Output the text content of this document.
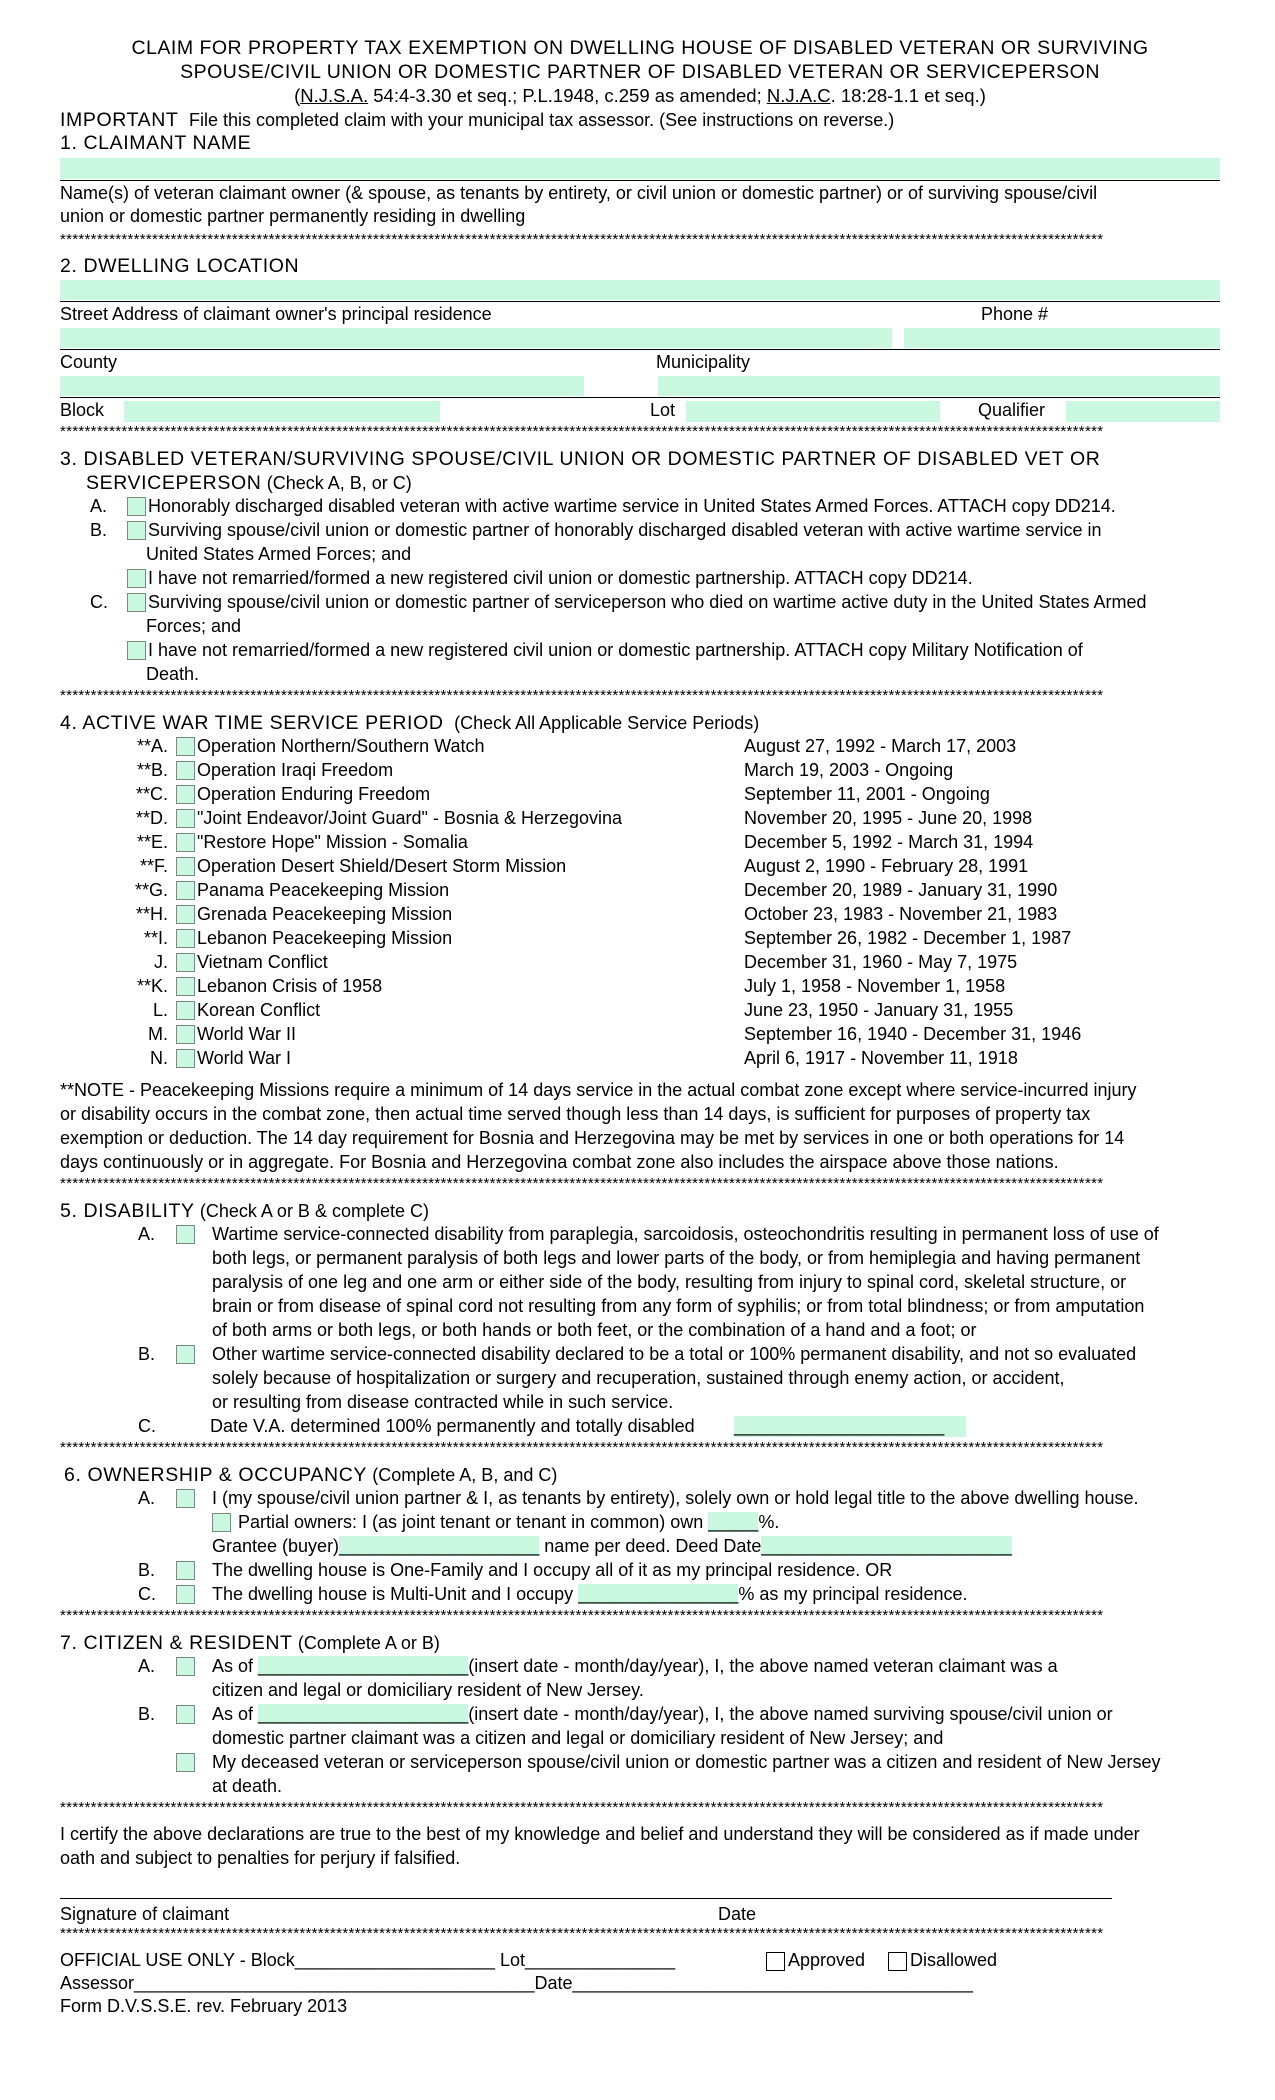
CLAIM FOR PROPERTY TAX EXEMPTION ON DWELLING HOUSE OF DISABLED VETERAN OR SURVIVING
SPOUSE/CIVIL UNION OR DOMESTIC PARTNER OF DISABLED VETERAN OR SERVICEPERSON
(N.J.S.A. 54:4-3.30 et seq.; P.L.1948, c.259 as amended; N.J.A.C. 18:28-1.1 et seq.)
IMPORTANT File this completed claim with your municipal tax assessor. (See instructions on reverse.)
1. CLAIMANT NAME
Name(s) of veteran claimant owner (& spouse, as tenants by entirety, or civil union or domestic partner) or of surviving spouse/civil
union or domestic partner permanently residing in dwelling
**************************************************************************************************************************************************************************
2. DWELLING LOCATION
Street Address of claimant owner's principal residence	Phone #
County	Municipality
Block	Lot	Qualifier
**************************************************************************************************************************************************************************
3. DISABLED VETERAN/SURVIVING SPOUSE/CIVIL UNION OR DOMESTIC PARTNER OF DISABLED VET OR
SERVICEPERSON (Check A, B, or C)
A. Honorably discharged disabled veteran with active wartime service in United States Armed Forces. ATTACH copy DD214.
B. Surviving spouse/civil union or domestic partner of honorably discharged disabled veteran with active wartime service in
United States Armed Forces; and
I have not remarried/formed a new registered civil union or domestic partnership. ATTACH copy DD214.
C. Surviving spouse/civil union or domestic partner of serviceperson who died on wartime active duty in the United States Armed
Forces; and
I have not remarried/formed a new registered civil union or domestic partnership. ATTACH copy Military Notification of
Death.
**************************************************************************************************************************************************************************
4. ACTIVE WAR TIME SERVICE PERIOD (Check All Applicable Service Periods)
**A. Operation Northern/Southern Watch	August 27, 1992 - March 17, 2003
**B. Operation Iraqi Freedom	March 19, 2003 - Ongoing
**C. Operation Enduring Freedom	September 11, 2001 - Ongoing
**D. "Joint Endeavor/Joint Guard" - Bosnia & Herzegovina	November 20, 1995 - June 20, 1998
**E. "Restore Hope" Mission - Somalia	December 5, 1992 - March 31, 1994
**F. Operation Desert Shield/Desert Storm Mission	August 2, 1990 - February 28, 1991
**G. Panama Peacekeeping Mission	December 20, 1989 - January 31, 1990
**H. Grenada Peacekeeping Mission	October 23, 1983 - November 21, 1983
**I. Lebanon Peacekeeping Mission	September 26, 1982 - December 1, 1987
J. Vietnam Conflict	December 31, 1960 - May 7, 1975
**K. Lebanon Crisis of 1958	July 1, 1958 - November 1, 1958
L. Korean Conflict	June 23, 1950 - January 31, 1955
M. World War II	September 16, 1940 - December 31, 1946
N. World War I	April 6, 1917 - November 11, 1918
**NOTE - Peacekeeping Missions require a minimum of 14 days service in the actual combat zone except where service-incurred injury
or disability occurs in the combat zone, then actual time served though less than 14 days, is sufficient for purposes of property tax
exemption or deduction. The 14 day requirement for Bosnia and Herzegovina may be met by services in one or both operations for 14
days continuously or in aggregate. For Bosnia and Herzegovina combat zone also includes the airspace above those nations.
**************************************************************************************************************************************************************************
5. DISABILITY (Check A or B & complete C)
A.	Wartime service-connected disability from paraplegia, sarcoidosis, osteochondritis resulting in permanent loss of use of
both legs, or permanent paralysis of both legs and lower parts of the body, or from hemiplegia and having permanent
paralysis of one leg and one arm or either side of the body, resulting from injury to spinal cord, skeletal structure, or
brain or from disease of spinal cord not resulting from any form of syphilis; or from total blindness; or from amputation
of both arms or both legs, or both hands or both feet, or the combination of a hand and a foot; or
B.	Other wartime service-connected disability declared to be a total or 100% permanent disability, and not so evaluated
solely because of hospitalization or surgery and recuperation, sustained through enemy action, or accident,
or resulting from disease contracted while in such service.
C.	Date V.A. determined 100% permanently and totally disabled _____________________
**************************************************************************************************************************************************************************
6. OWNERSHIP & OCCUPANCY (Complete A, B, and C)
A.	I (my spouse/civil union partner & I, as tenants by entirety), solely own or hold legal title to the above dwelling house.
Partial owners: I (as joint tenant or tenant in common) own _____%.
Grantee (buyer)____________________ name per deed. Deed Date_________________________
B.	The dwelling house is One-Family and I occupy all of it as my principal residence. OR
C.	The dwelling house is Multi-Unit and I occupy ________________% as my principal residence.
**************************************************************************************************************************************************************************
7. CITIZEN & RESIDENT (Complete A or B)
A.	As of _____________________(insert date - month/day/year), I, the above named veteran claimant was a
citizen and legal or domiciliary resident of New Jersey.
B.	As of _____________________(insert date - month/day/year), I, the above named surviving spouse/civil union or
domestic partner claimant was a citizen and legal or domiciliary resident of New Jersey; and
My deceased veteran or serviceperson spouse/civil union or domestic partner was a citizen and resident of New Jersey
at death.
**************************************************************************************************************************************************************************
I certify the above declarations are true to the best of my knowledge and belief and understand they will be considered as if made under
oath and subject to penalties for perjury if falsified.
Signature of claimant	Date
**************************************************************************************************************************************************************************
OFFICIAL USE ONLY - Block____________________ Lot_______________	Approved Disallowed
Assessor________________________________________Date________________________________________
Form D.V.S.S.E. rev. February 2013
